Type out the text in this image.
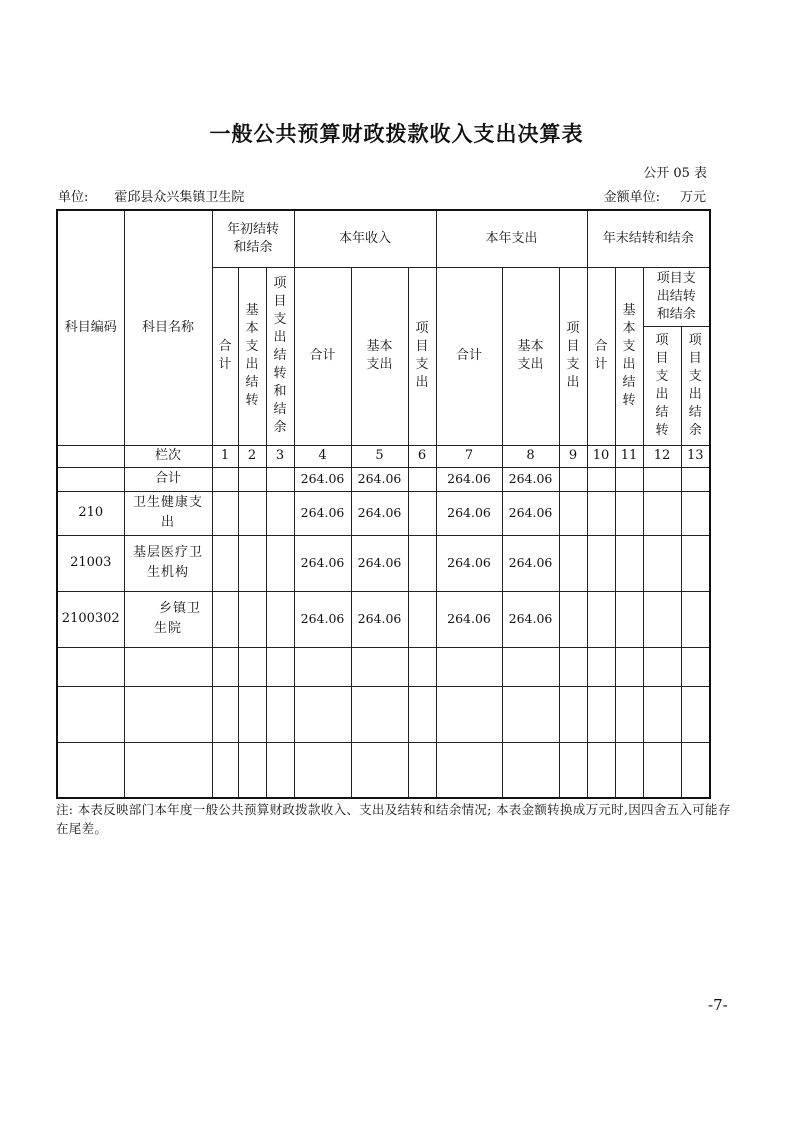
一般公共预算财政拨款收入支出决算表
公开 05 表
单位: 霍邱县众兴集镇卫生院	金额单位: 万元
科目编码	科目名称	年初结转和结余			本年收入			本年支出			年末结转和结余			
		合计	基本支出结转	项目支出结转和结余	合计	基本支出	项目支出	合计	基本支出	项目支出	合计	基本支出结转	项目支出结转和结余	
													项目支出结转	项目支出结余

	栏次	1	2	3	4	5	6	7	8	9	10	11	12	13
	合计				264.06	264.06		264.06	264.06					
210	卫生健康支出				264.06	264.06		264.06	264.06					
21003	基层医疗卫生机构				264.06	264.06		264.06	264.06					
2100302	乡镇卫生院				264.06	264.06		264.06	264.06					

注: 本表反映部门本年度一般公共预算财政拨款收入、支出及结转和结余情况; 本表金额转换成万元时,因四舍五入可能存在尾差。
-7-
